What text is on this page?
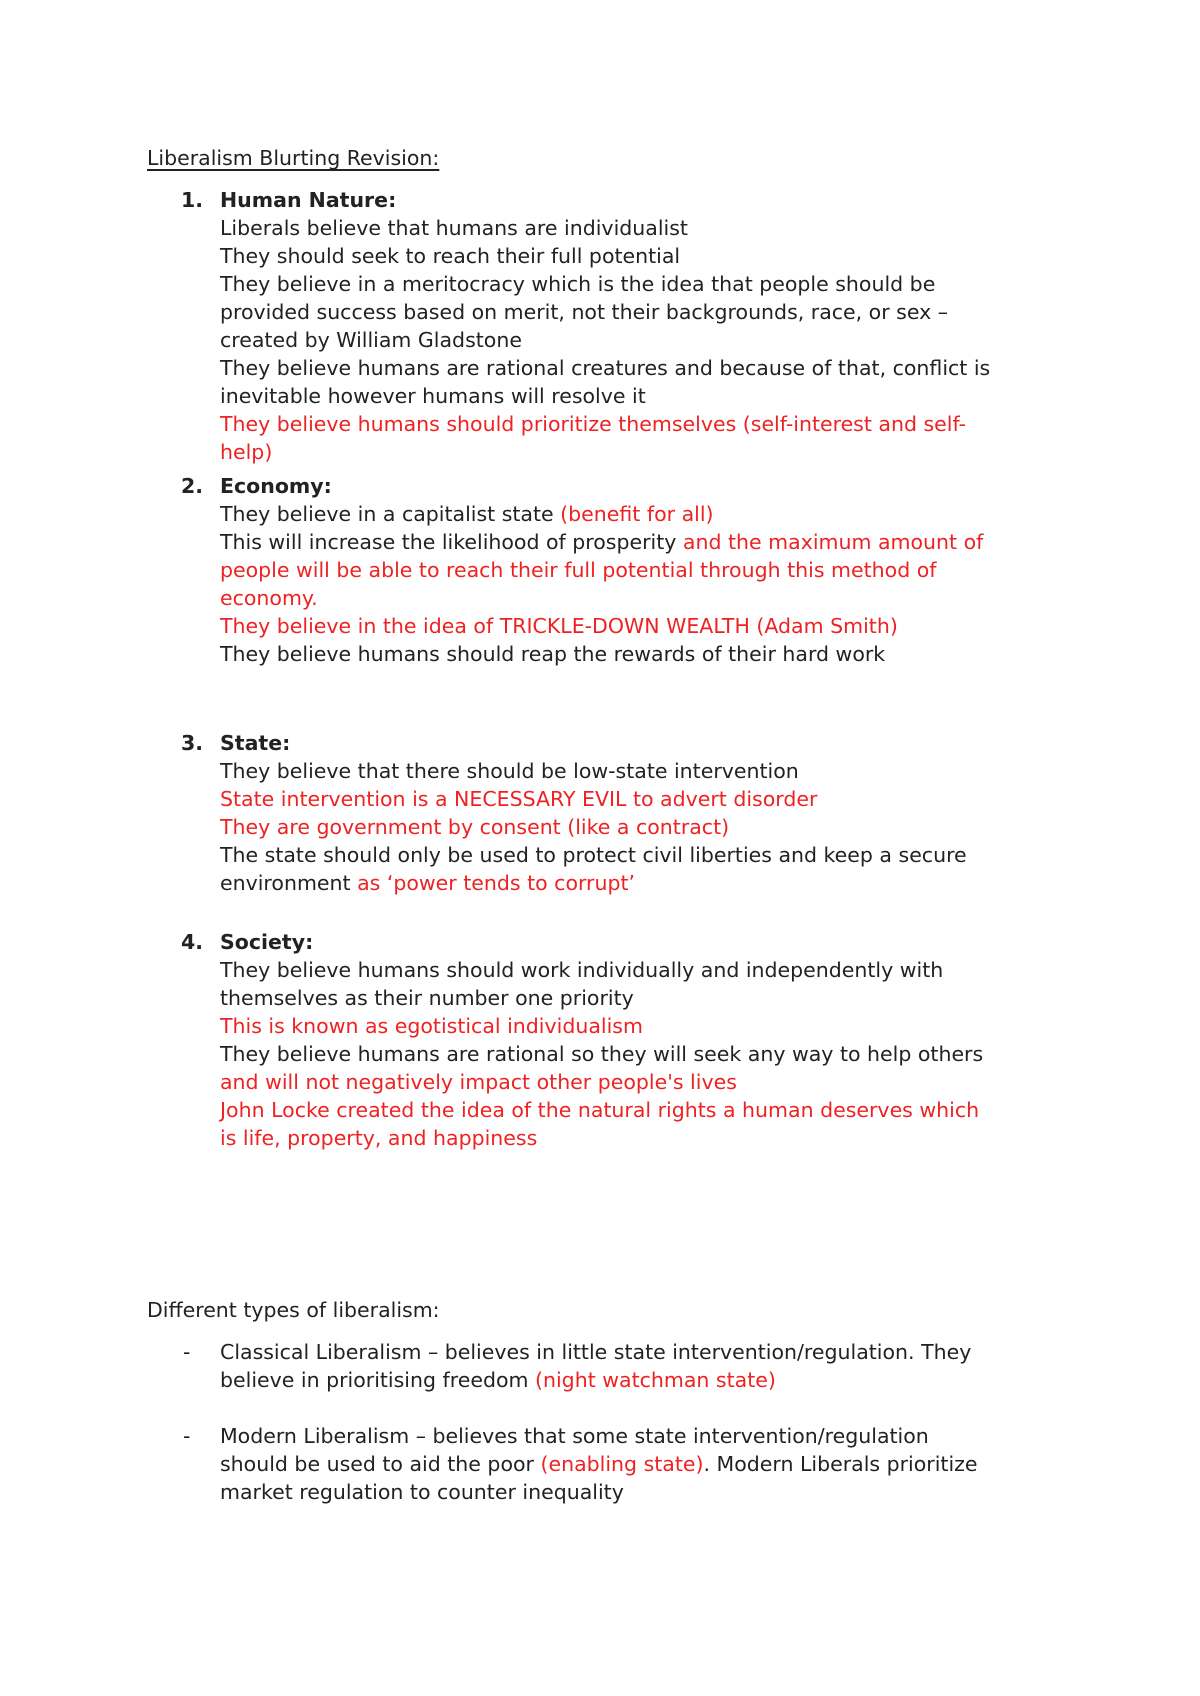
Liberalism Blurting Revision:
1. Human Nature:
Liberals believe that humans are individualist
They should seek to reach their full potential
They believe in a meritocracy which is the idea that people should be
provided success based on merit, not their backgrounds, race, or sex –
created by William Gladstone
They believe humans are rational creatures and because of that, conflict is
inevitable however humans will resolve it
They believe humans should prioritize themselves (self-interest and self-
help)
2. Economy:
They believe in a capitalist state (benefit for all)
This will increase the likelihood of prosperity and the maximum amount of
people will be able to reach their full potential through this method of
economy.
They believe in the idea of TRICKLE-DOWN WEALTH (Adam Smith)
They believe humans should reap the rewards of their hard work
3. State:
They believe that there should be low-state intervention
State intervention is a NECESSARY EVIL to advert disorder
They are government by consent (like a contract)
The state should only be used to protect civil liberties and keep a secure
environment as ‘power tends to corrupt’
4. Society:
They believe humans should work individually and independently with
themselves as their number one priority
This is known as egotistical individualism
They believe humans are rational so they will seek any way to help others
and will not negatively impact other people's lives
John Locke created the idea of the natural rights a human deserves which
is life, property, and happiness
Different types of liberalism:
- Classical Liberalism – believes in little state intervention/regulation. They
believe in prioritising freedom (night watchman state)
- Modern Liberalism – believes that some state intervention/regulation
should be used to aid the poor (enabling state). Modern Liberals prioritize
market regulation to counter inequality
